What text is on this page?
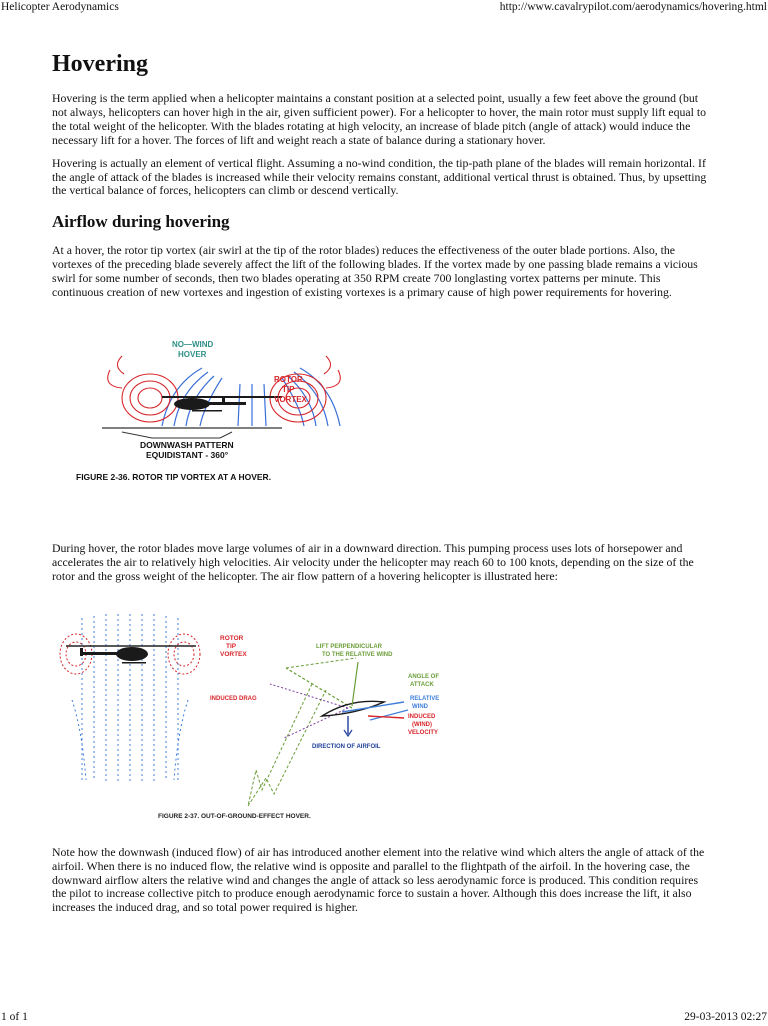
Helicopter Aerodynamics	http://www.cavalrypilot.com/aerodynamics/hovering.html
Hovering

Hovering is the term applied when a helicopter maintains a constant position at a selected point, usually a few feet above the ground (but not always, helicopters can hover high in the air, given sufficient power). For a helicopter to hover, the main rotor must supply lift equal to the total weight of the helicopter. With the blades rotating at high velocity, an increase of blade pitch (angle of attack) would induce the necessary lift for a hover. The forces of lift and weight reach a state of balance during a stationary hover.

Hovering is actually an element of vertical flight. Assuming a no-wind condition, the tip-path plane of the blades will remain horizontal. If the angle of attack of the blades is increased while their velocity remains constant, additional vertical thrust is obtained. Thus, by upsetting the vertical balance of forces, helicopters can climb or descend vertically.

Airflow during hovering

At a hover, the rotor tip vortex (air swirl at the tip of the rotor blades) reduces the effectiveness of the outer blade portions. Also, the vortexes of the preceding blade severely affect the lift of the following blades. If the vortex made by one passing blade remains a vicious swirl for some number of seconds, then two blades operating at 350 RPM create 700 longlasting vortex patterns per minute. This continuous creation of new vortexes and ingestion of existing vortexes is a primary cause of high power requirements for hovering.

NO—WIND
HOVER
ROTOR
TIP
VORTEX
DOWNWASH PATTERN
EQUIDISTANT - 360°
FIGURE 2-36. ROTOR TIP VORTEX AT A HOVER.

During hover, the rotor blades move large volumes of air in a downward direction. This pumping process uses lots of horsepower and accelerates the air to relatively high velocities. Air velocity under the helicopter may reach 60 to 100 knots, depending on the size of the rotor and the gross weight of the helicopter. The air flow pattern of a hovering helicopter is illustrated here:

ROTOR
TIP
VORTEX
LIFT PERPENDICULAR
TO THE RELATIVE WIND
ANGLE OF
ATTACK
INDUCED DRAG	RELATIVE
WIND
INDUCED
(WIND)
VELOCITY
DIRECTION OF AIRFOIL
FIGURE 2-37. OUT-OF-GROUND-EFFECT HOVER.

Note how the downwash (induced flow) of air has introduced another element into the relative wind which alters the angle of attack of the airfoil. When there is no induced flow, the relative wind is opposite and parallel to the flightpath of the airfoil. In the hovering case, the downward airflow alters the relative wind and changes the angle of attack so less aerodynamic force is produced. This condition requires the pilot to increase collective pitch to produce enough aerodynamic force to sustain a hover. Although this does increase the lift, it also increases the induced drag, and so total power required is higher.

1 of 1	29-03-2013 02:27
